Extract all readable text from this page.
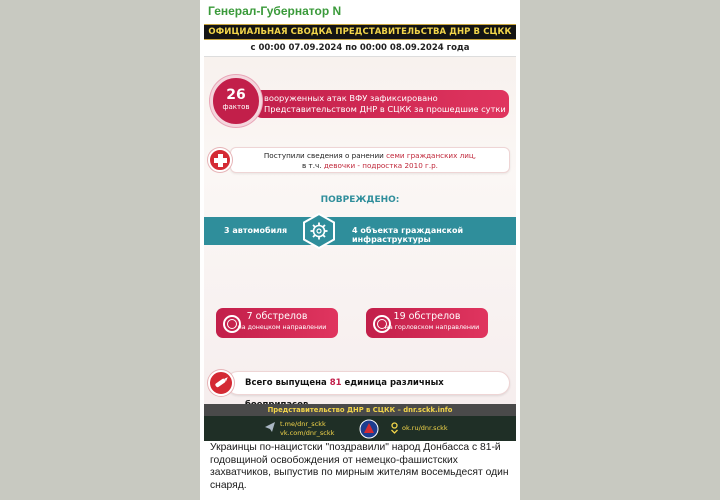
Генерал-Губернатор N
ОФИЦИАЛЬНАЯ СВОДКА ПРЕДСТАВИТЕЛЬСТВА ДНР В СЦКК
с 00:00 07.09.2024 по 00:00 08.09.2024 года
вооруженных атак ВФУ зафиксировано
Представительством ДНР в СЦКК за прошедшие сутки
26
фактов
Поступили сведения о ранении семи гражданских лиц,
в т.ч. девочки - подростка 2010 г.р.
ПОВРЕЖДЕНО:
3 автомобиля	4 объекта гражданской инфраструктуры
7 обстрелов
на донецком направлении
19 обстрелов
на горловском направлении
Всего выпущена 81 единица различных
Представительство ДНР в СЦКК – dnr.sckk.info
t.me/dnr_sckk
vk.com/dnr_sckk
ok.ru/dnr.sckk
Украинцы по-нацистски "поздравили" народ Донбасса с 81-й годовщиной освобождения от немецко-фашистских захватчиков, выпустив по мирным жителям восемьдесят один снаряд.
